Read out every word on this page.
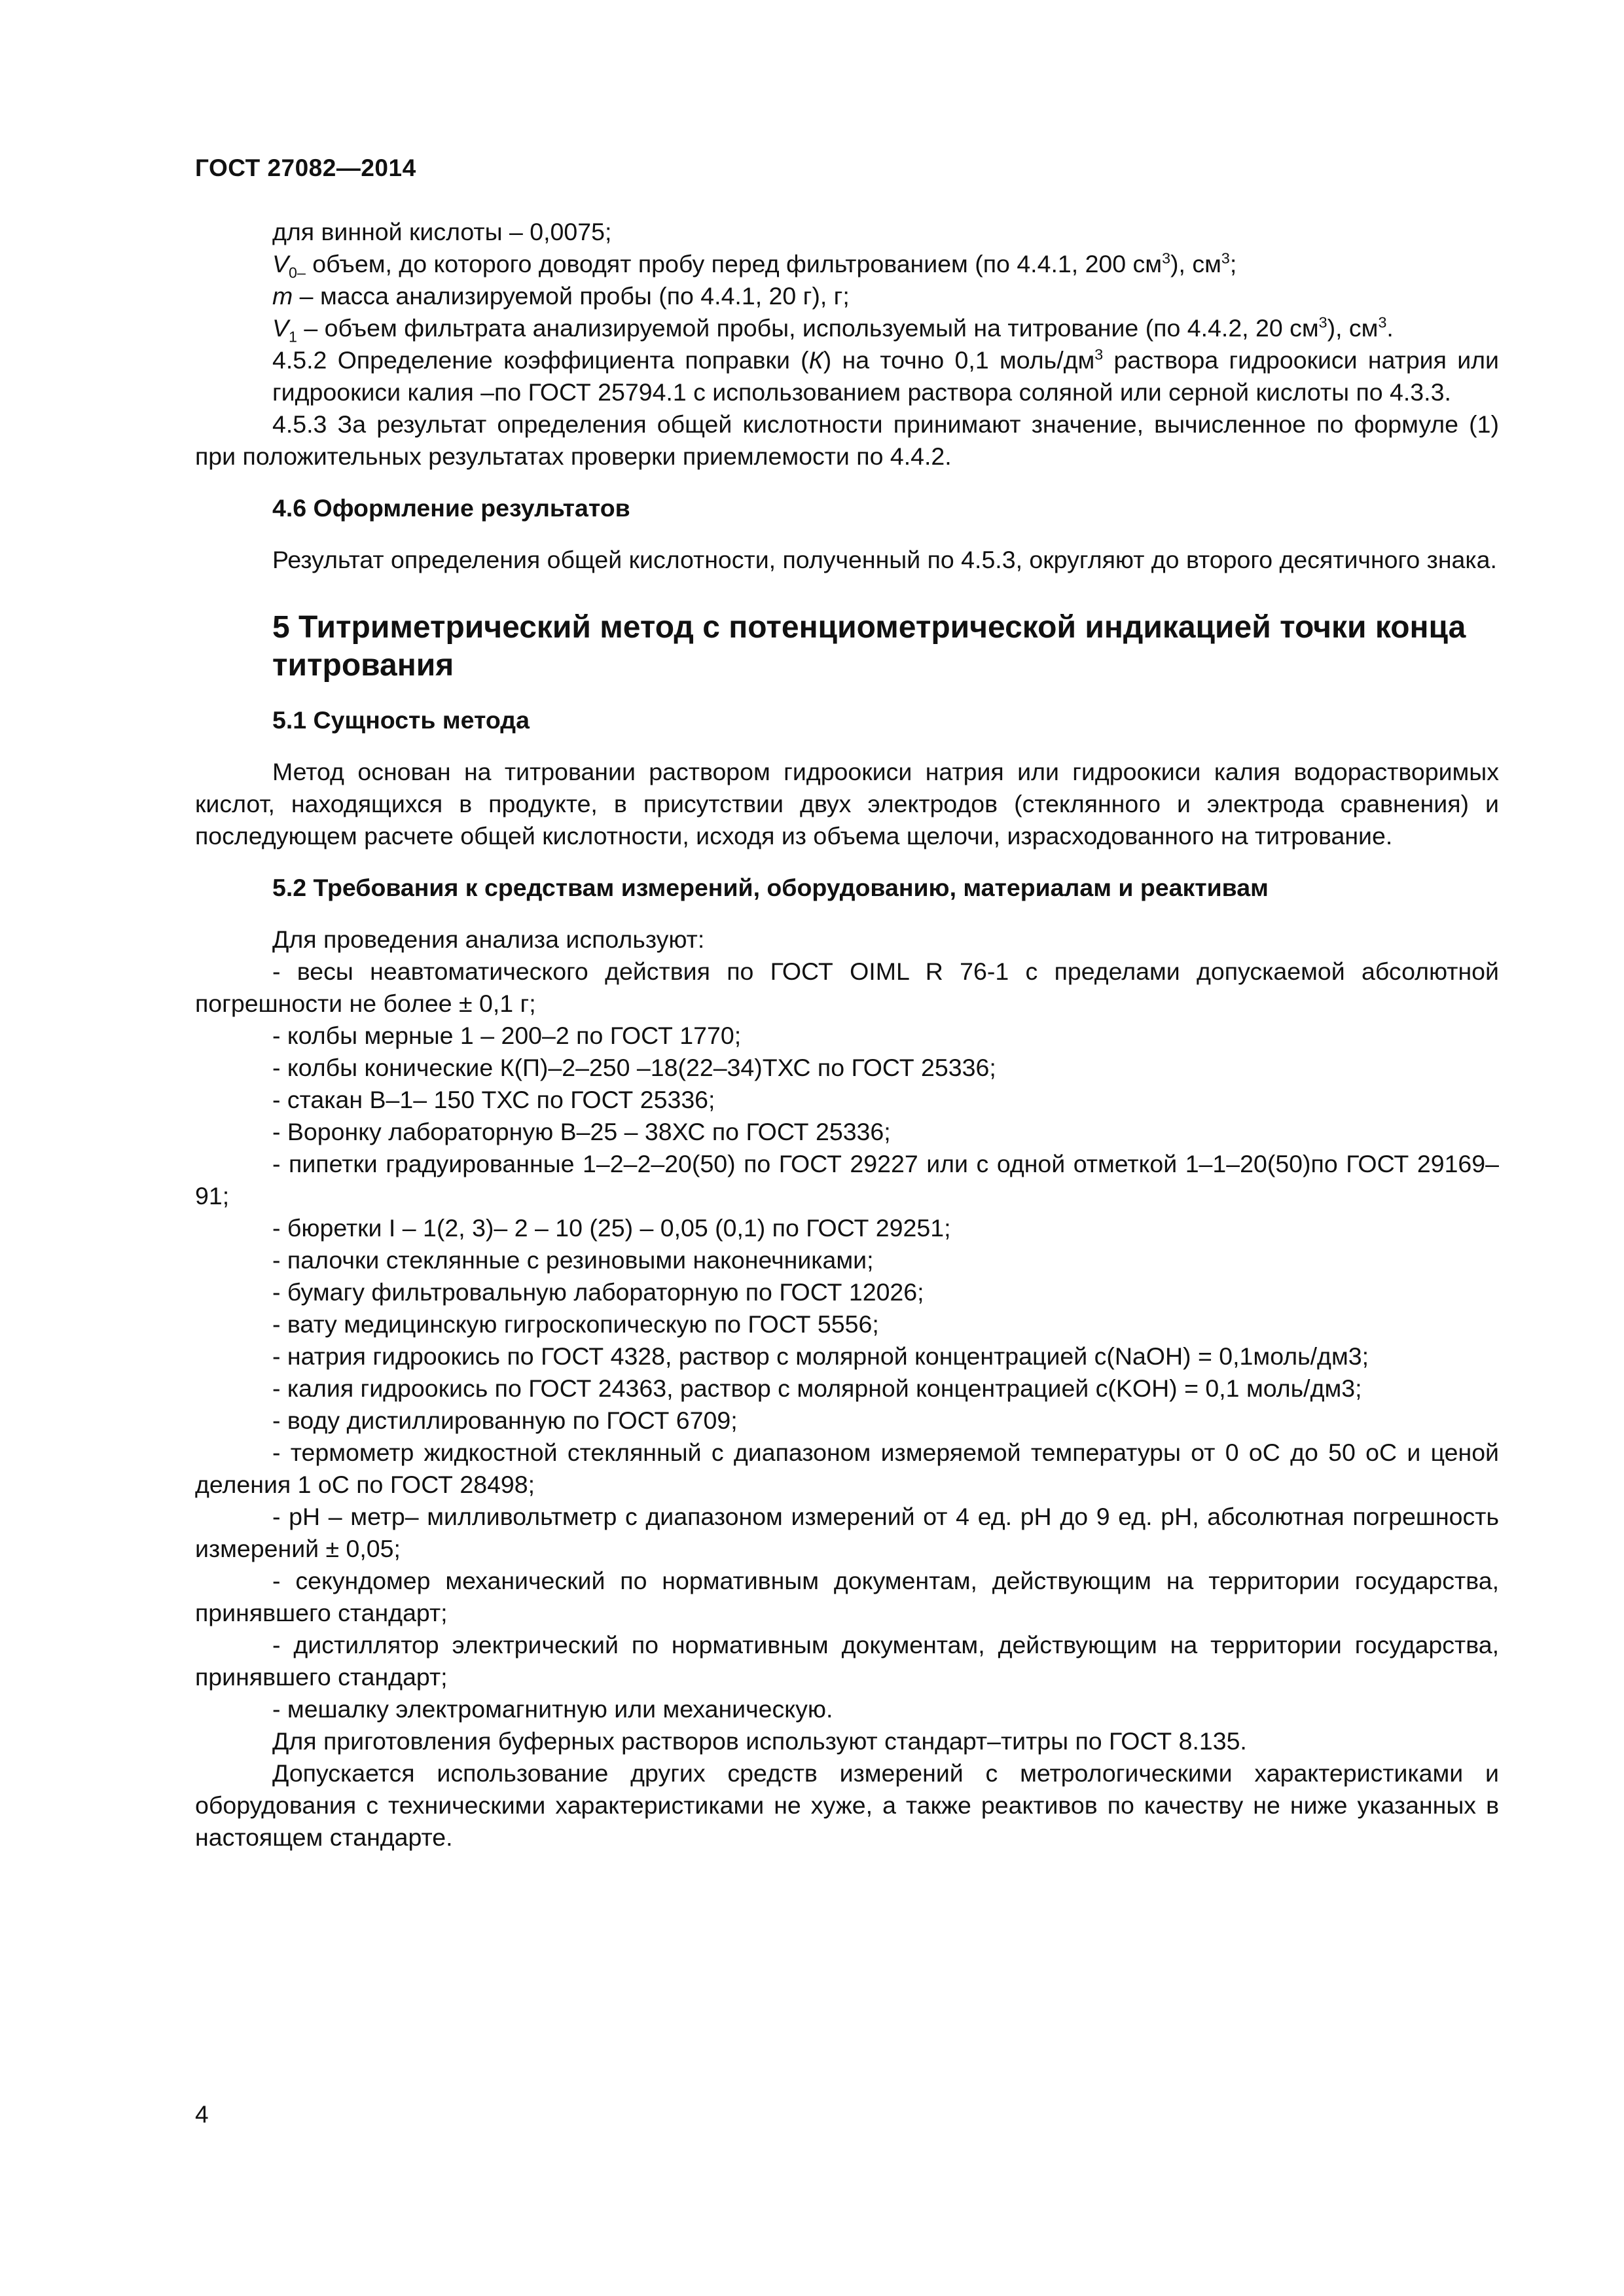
ГОСТ 27082—2014

для винной кислоты – 0,0075;

$V_{0-}$ объем, до которого доводят пробу перед фильтрованием (по 4.4.1, 200 $см^3$), $см^3$;

m – масса анализируемой пробы (по 4.4.1, 20 г), г;

$V_1$ – объем фильтрата анализируемой пробы, используемый на титрование (по 4.4.2, 20 $см^3$), $см^3$.

4.5.2 Определение коэффициента поправки (К) на точно 0,1 моль/$дм^3$ раствора гидроокиси натрия или гидроокиси калия –по ГОСТ 25794.1 с использованием раствора соляной или серной кислоты по 4.3.3.

4.5.3 За результат определения общей кислотности принимают значение, вычисленное по формуле (1) при положительных результатах проверки приемлемости по 4.4.2.

4.6 Оформление результатов

Результат определения общей кислотности, полученный по 4.5.3, округляют до второго десятичного знака.

5 Титриметрический метод с потенциометрической индикацией точки конца титрования

5.1 Сущность метода

Метод основан на титровании раствором гидроокиси натрия или гидроокиси калия водорастворимых кислот, находящихся в продукте, в присутствии двух электродов (стеклянного и электрода сравнения) и последующем расчете общей кислотности, исходя из объема щелочи, израсходованного на титрование.

5.2 Требования к средствам измерений, оборудованию, материалам и реактивам

Для проведения анализа используют:

- весы неавтоматического действия по ГОСТ OIML R 76-1 с пределами допускаемой абсолютной погрешности не более ± 0,1 г;

- колбы мерные 1 – 200–2 по ГОСТ 1770;

- колбы конические К(П)–2–250 –18(22–34)ТХС по ГОСТ 25336;

- стакан В–1– 150 ТХС по ГОСТ 25336;

- Воронку лабораторную В–25 – 38ХС по ГОСТ 25336;

- пипетки градуированные 1–2–2–20(50) по ГОСТ 29227 или с одной отметкой 1–1–20(50)по ГОСТ 29169–91;

- бюретки I – 1(2, 3)– 2 – 10 (25) – 0,05 (0,1) по ГОСТ 29251;

- палочки стеклянные с резиновыми наконечниками;

- бумагу фильтровальную лабораторную по ГОСТ 12026;

- вату медицинскую гигроскопическую по ГОСТ 5556;

- натрия гидроокись по ГОСТ 4328, раствор с молярной концентрацией с(NaOH) = 0,1моль/дм3;

- калия гидроокись по ГОСТ 24363, раствор с молярной концентрацией с(KOH) = 0,1 моль/дм3;

- воду дистиллированную по ГОСТ 6709;

- термометр жидкостной стеклянный с диапазоном измеряемой температуры от 0 оС до 50 оС и ценой деления 1 оС по ГОСТ 28498;

- рН – метр– милливольтметр с диапазоном измерений от 4 ед. рН до 9 ед. рН, абсолютная погрешность измерений ± 0,05;

- секундомер механический по нормативным документам, действующим на территории государства, принявшего стандарт;

- дистиллятор электрический по нормативным документам, действующим на территории государства, принявшего стандарт;

- мешалку электромагнитную или механическую.

Для приготовления буферных растворов используют стандарт–титры по ГОСТ 8.135.

Допускается использование других средств измерений с метрологическими характеристиками и оборудования с техническими характеристиками не хуже, а также реактивов по качеству не ниже указанных в настоящем стандарте.

4
